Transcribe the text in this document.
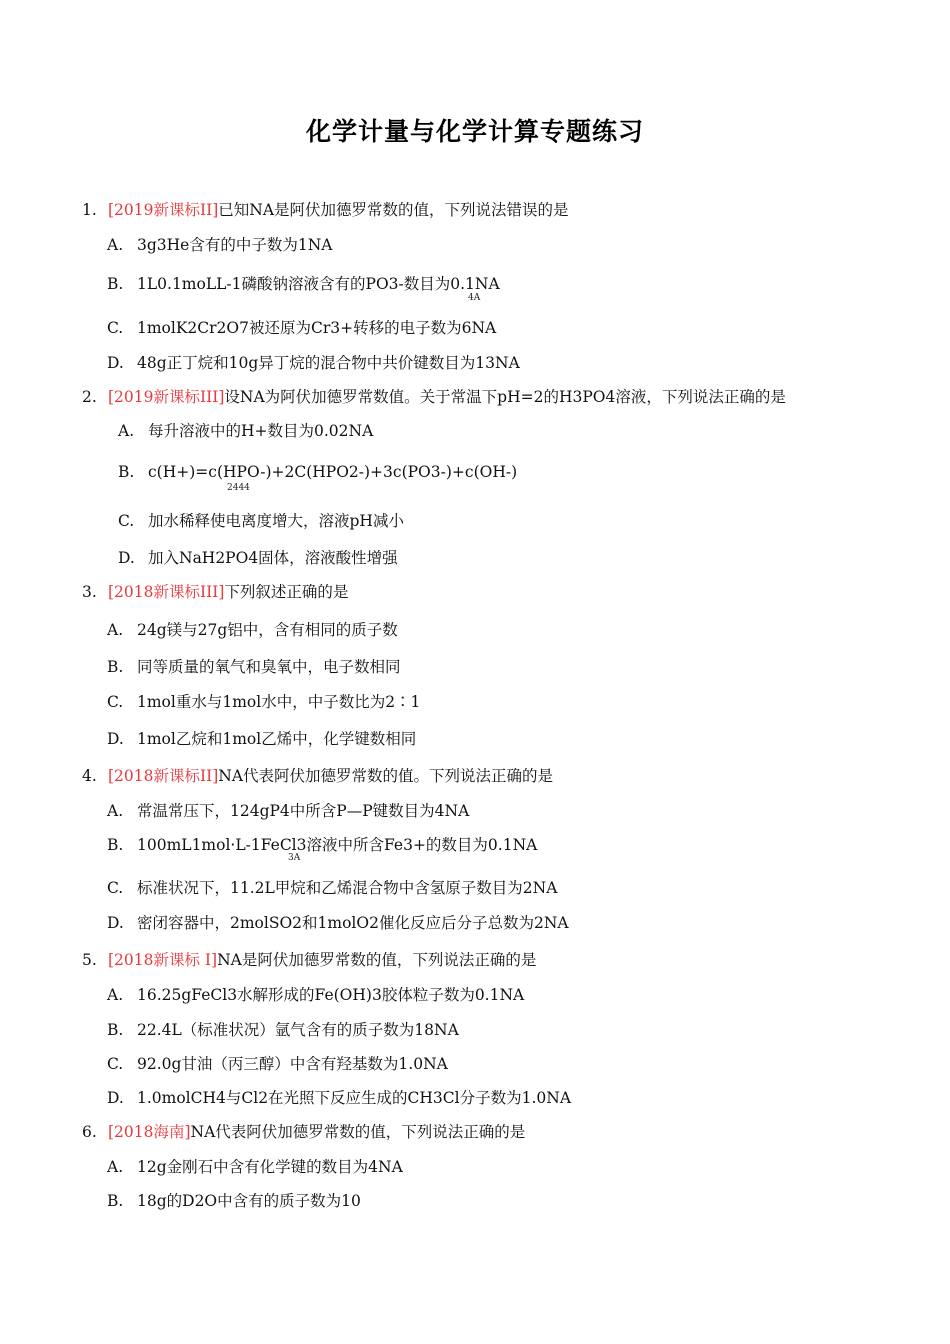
化学计量与化学计算专题练习
1. [2019新课标II]已知NA是阿伏加德罗常数的值，下列说法错误的是
A. 3g3He含有的中子数为1NA
B. 1L0.1moLL-1磷酸钠溶液含有的PO3-数目为0.1NA
4A
C. 1molK2Cr2O7被还原为Cr3+转移的电子数为6NA
D. 48g正丁烷和10g异丁烷的混合物中共价键数目为13NA
2. [2019新课标III]设NA为阿伏加德罗常数值。关于常温下pH=2的H3PO4溶液，下列说法正确的是
A. 每升溶液中的H+数目为0.02NA
B. c(H+)=c(HPO-)+2C(HPO2-)+3c(PO3-)+c(OH-)
2444
C. 加水稀释使电离度增大，溶液pH减小
D. 加入NaH2PO4固体，溶液酸性增强
3. [2018新课标III]下列叙述正确的是
A. 24g镁与27g铝中，含有相同的质子数
B. 同等质量的氧气和臭氧中，电子数相同
C. 1mol重水与1mol水中，中子数比为2∶1
D. 1mol乙烷和1mol乙烯中，化学键数相同
4. [2018新课标II]NA代表阿伏加德罗常数的值。下列说法正确的是
A. 常温常压下，124gP4中所含P—P键数目为4NA
B. 100mL1mol·L-1FeCl3溶液中所含Fe3+的数目为0.1NA
3A
C. 标准状况下，11.2L甲烷和乙烯混合物中含氢原子数目为2NA
D. 密闭容器中，2molSO2和1molO2催化反应后分子总数为2NA
5. [2018新课标 I]NA是阿伏加德罗常数的值，下列说法正确的是
A. 16.25gFeCl3水解形成的Fe(OH)3胶体粒子数为0.1NA
B. 22.4L（标准状况）氩气含有的质子数为18NA
C. 92.0g甘油（丙三醇）中含有羟基数为1.0NA
D. 1.0molCH4与Cl2在光照下反应生成的CH3Cl分子数为1.0NA
6. [2018海南]NA代表阿伏加德罗常数的值，下列说法正确的是
A. 12g金刚石中含有化学键的数目为4NA
B. 18g的D2O中含有的质子数为10
